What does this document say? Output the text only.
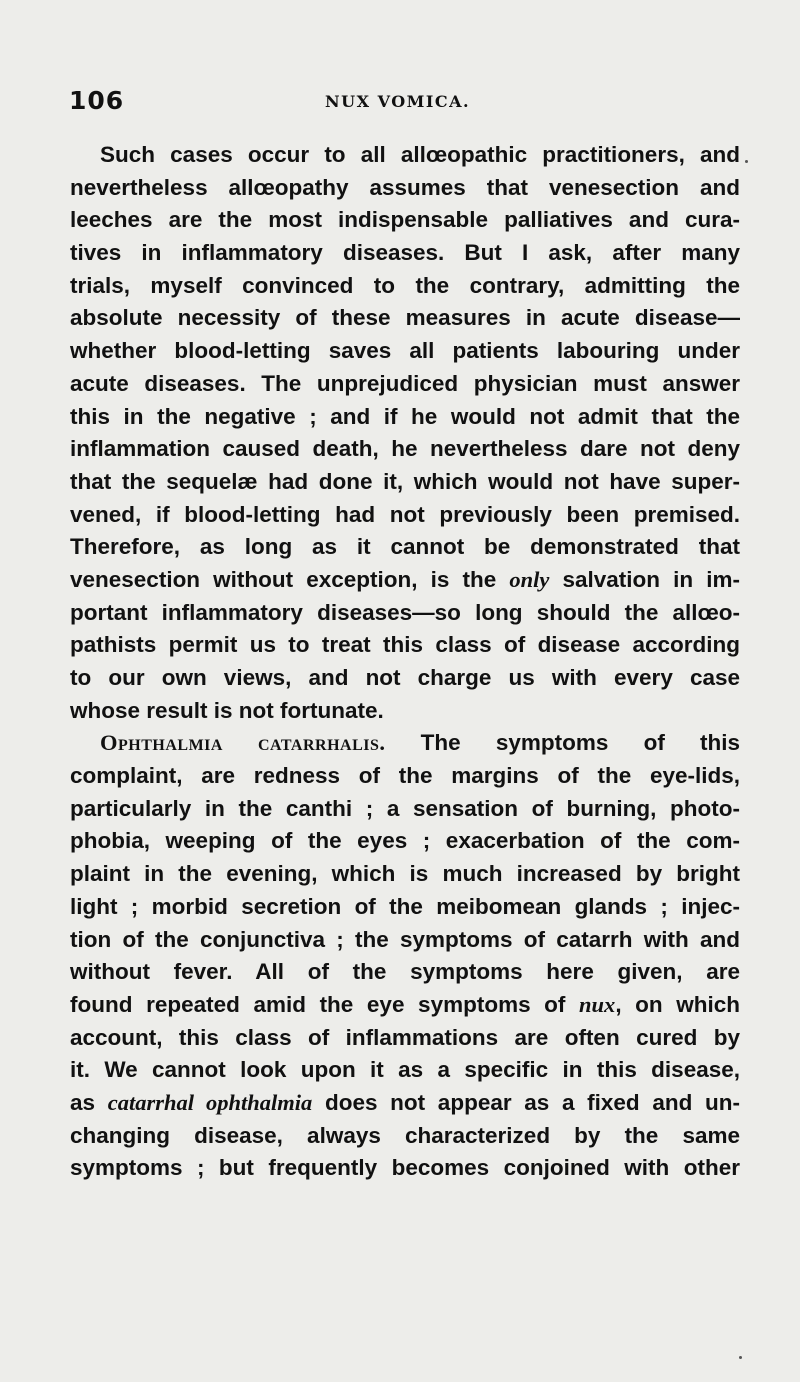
106	NUX VOMICA.
Such cases occur to all allœopathic practitioners, and
nevertheless allœopathy assumes that venesection and
leeches are the most indispensable palliatives and cura-
tives in inflammatory diseases. But I ask, after many
trials, myself convinced to the contrary, admitting the
absolute necessity of these measures in acute disease—
whether blood-letting saves all patients labouring under
acute diseases. The unprejudiced physician must answer
this in the negative ; and if he would not admit that the
inflammation caused death, he nevertheless dare not deny
that the sequelæ had done it, which would not have super-
vened, if blood-letting had not previously been premised.
Therefore, as long as it cannot be demonstrated that
venesection without exception, is the only salvation in im-
portant inflammatory diseases—so long should the allœo-
pathists permit us to treat this class of disease according
to our own views, and not charge us with every case
whose result is not fortunate.
Ophthalmia catarrhalis. The symptoms of this
complaint, are redness of the margins of the eye-lids,
particularly in the canthi ; a sensation of burning, photo-
phobia, weeping of the eyes ; exacerbation of the com-
plaint in the evening, which is much increased by bright
light ; morbid secretion of the meibomean glands ; injec-
tion of the conjunctiva ; the symptoms of catarrh with and
without fever. All of the symptoms here given, are
found repeated amid the eye symptoms of nux, on which
account, this class of inflammations are often cured by
it. We cannot look upon it as a specific in this disease,
as catarrhal ophthalmia does not appear as a fixed and un-
changing disease, always characterized by the same
symptoms ; but frequently becomes conjoined with other
